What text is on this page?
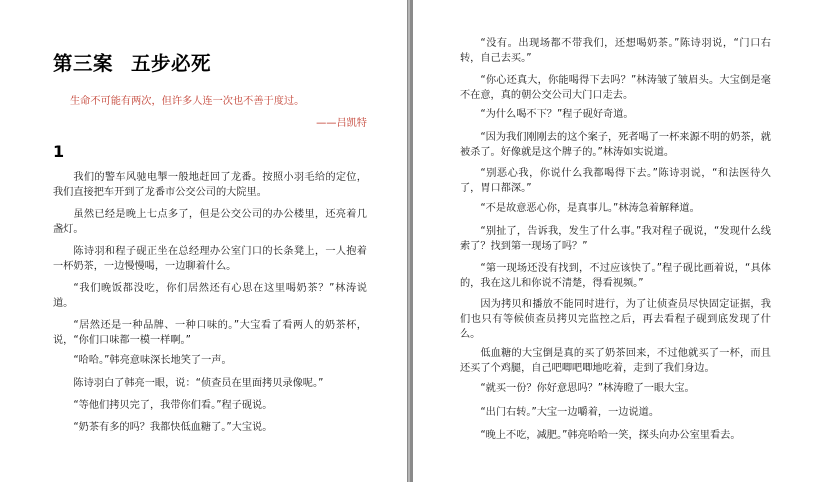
第三案 五步必死
生命不可能有两次，但许多人连一次也不善于度过。
——吕凯特
1

我们的警车风驰电掣一般地赶回了龙番。按照小羽毛给的定位，我们直接把车开到了龙番市公交公司的大院里。

虽然已经是晚上七点多了，但是公交公司的办公楼里，还亮着几盏灯。

陈诗羽和程子砚正坐在总经理办公室门口的长条凳上，一人抱着一杯奶茶，一边慢慢喝，一边聊着什么。

“我们晚饭都没吃，你们居然还有心思在这里喝奶茶？”林涛说道。

“居然还是一种品牌、一种口味的。”大宝看了看两人的奶茶杯，说，“你们口味都一模一样啊。”

“哈哈。”韩亮意味深长地笑了一声。

陈诗羽白了韩亮一眼，说：“侦查员在里面拷贝录像呢。”

“等他们拷贝完了，我带你们看。”程子砚说。

“奶茶有多的吗？我都快低血糖了。”大宝说。

“没有。出现场都不带我们，还想喝奶茶。”陈诗羽说，“门口右转，自己去买。”

“你心还真大，你能喝得下去吗？”林涛皱了皱眉头。大宝倒是毫不在意，真的朝公交公司大门口走去。

“为什么喝不下？”程子砚好奇道。

“因为我们刚刚去的这个案子，死者喝了一杯来源不明的奶茶，就被杀了。好像就是这个牌子的。”林涛如实说道。

“别恶心我，你说什么我都喝得下去。”陈诗羽说，“和法医待久了，胃口都深。”

“不是故意恶心你，是真事儿。”林涛急着解释道。

“别扯了，告诉我，发生了什么事。”我对程子砚说，“发现什么线索了？找到第一现场了吗？”

“第一现场还没有找到，不过应该快了。”程子砚比画着说，“具体的，我在这儿和你说不清楚，得看视频。”

因为拷贝和播放不能同时进行，为了让侦查员尽快固定证据，我们也只有等候侦查员拷贝完监控之后，再去看程子砚到底发现了什么。

低血糖的大宝倒是真的买了奶茶回来，不过他就买了一杯，而且还买了个鸡腿，自己吧唧吧唧地吃着，走到了我们身边。

“就买一份？你好意思吗？”林涛瞪了一眼大宝。

“出门右转。”大宝一边嚼着，一边说道。

“晚上不吃，减肥。”韩亮哈哈一笑，探头向办公室里看去。
